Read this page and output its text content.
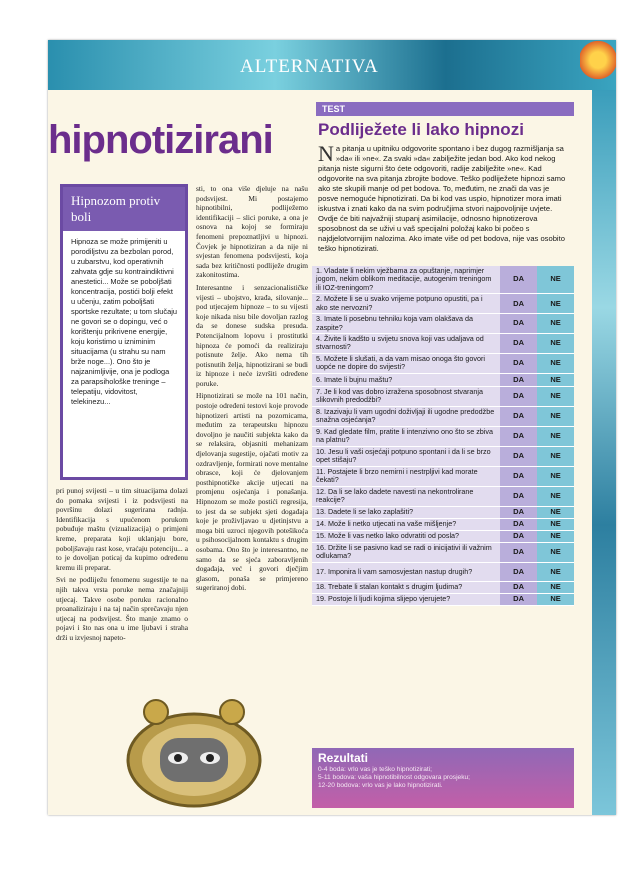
ALTERNATIVA
hipnotizirani
Hipnozom protiv boli
Hipnoza se može primijeniti u porodiljstvu za bezbolan porod, u zubarstvu, kod operativnih zahvata gdje su kontraindiktivni anestetici... Može se poboljšati koncentracija, postići bolji efekt u učenju, zatim poboljšati sportske rezultate; u tom slučaju ne govori se o dopingu, već o korištenju prikrivene energije, koju koristimo u izniminim situacijama (u strahu su nam brže noge...). Ono što je najzanimljivije, ona je podloga za parapsihološke treninge – telepatiju, vidovitost, telekinezu...

sti, to ona više djeluje na našu podsvijest. Mi postajemo hipnotibilni, podliježemo identifikaciji – slici poruke, a ona je osnova na kojoj se formiraju fenomeni prepoznatljivi u hipnozi. Čovjek je hipnotiziran a da nije ni svjestan fenomena podsvijesti, koja sada bez kritičnosti podliježe drugim zakonitostima.

Interesantne i senzacionalističke vijesti – ubojstvo, krađa, silovanje... pod utjecajem hipnoze – to su vijesti koje nikada nisu bile dovoljan razlog da se donese sudska presuda. Potencijalnom lopovu i prostitutki hipnoza će pomoći da realiziraju potisnute želje. Ako nema tih potisnutih želja, hipnotizirani se budi iz hipnoze i neće izvršiti određene poruke.

Hipnotizirati se može na 101 način, postoje određeni testovi koje provode hipnotizeri artisti na pozornicama, međutim za terapeutsku hipnozu dovoljno je naučiti subjekta kako da se relaksira, objasniti mehanizam djelovanja sugestije, ojačati motiv za ozdravljenje, formirati nove mentalne obrasce, koji će djelovanjem posthipnotičke akcije utjecati na promjenu osjećanja i ponašanja. Hipnozom se može postići regresija, to jest da se subjekt sjeti događaja koje je proživljavao u djetinjstvu a moga biti uzroci njegovih potešikoća u psihosocijalnom kontaktu s drugim osobama. Ono što je interesantno, ne samo da se sjeća zaboravljenih događaja, već i govori dječjim glasom, ponaša se primjereno sugeriranoj dobi.

pri punoj svijesti – u tim situacijama dolazi do pomaka svijesti i iz podsvijesti na površinu dolazi sugerirana radnja. Identifikacija s upućenom porukom pobuđuje maštu (vizualizacija) o primjeni kreme, preparata koji uklanjaju bore, poboljšavaju rast kose, vraćaju potenciju... a to je dovoljan poticaj da kupimo određenu kremu ili preparat.

Svi ne podliježu fenomenu sugestije te na njih takva vrsta poruke nema značajniji utjecaj. Takve osobe poruku racionalno proanaliziraju i na taj način sprečavaju njen utjecaj na podsvijest. Što manje znamo o pojavi i što nas ona u ime ljubavi i straha drži u izvjesnoj napeto-

TEST
Podliježete li lako hipnozi
Na pitanja u upitniku odgovorite spontano i bez dugog razmišljanja sa »da« ili »ne«. Za svaki »da« zabilježite jedan bod. Ako kod nekog pitanja niste sigurni što ćete odgovoriti, radije zabilježite »ne«. Kad odgovorite na sva pitanja zbrojite bodove. Teško podliježete hipnozi samo ako ste skupili manje od pet bodova. To, međutim, ne znači da vas je posve nemoguće hipnotizirati. Da bi kod vas uspio, hipnotizer mora imati iskustva i znati kako da na svim područjima stvori najpovoljnije uvjete. Ovdje će biti najvažniji stupanj asimilacije, odnosno hipnotizerova sposobnost da se uživi u vaš specijalni položaj kako bi počeo s najdjelotvornijim nalozima. Ako imate više od pet bodova, nije vas osobito teško hipnotizirati.
1. Vladate li nekim vježbama za opuštanje, naprimjer jogom, nekim oblikom meditacije, autogenim treningom ili IOZ-treningom?	DA	NE
2. Možete li se u svako vrijeme potpuno opustiti, pa i ako ste nervozni?	DA	NE
3. Imate li posebnu tehniku koja vam olakšava da zaspite?	DA	NE
4. Živite li kadšto u svijetu snova koji vas udaljava od stvarnosti?	DA	NE
5. Možete li slušati, a da vam misao onoga što govori uopće ne dopire do svijesti?	DA	NE
6. Imate li bujnu maštu?	DA	NE
7. Je li kod vas dobro izražena sposobnost stvaranja slikovnih predodžbi?	DA	NE
8. Izazivaju li vam ugodni doživljaji ili ugodne predodžbe snažna osjećanja?	DA	NE
9. Kad gledate film, pratite li intenzivno ono što se zbiva na platnu?	DA	NE
10. Jesu li vaši osjećaji potpuno spontani i da li se brzo opet stišaju?	DA	NE
11. Postajete li brzo nemirni i nestrpljivi kad morate čekati?	DA	NE
12. Da li se lako dadete navesti na nekontrolirane reakcije?	DA	NE
13. Dadete li se lako zaplašiti?	DA	NE
14. Može li netko utjecati na vaše mišljenje?	DA	NE
15. Može li vas netko lako odvratiti od posla?	DA	NE
16. Držite li se pasivno kad se radi o inicijativi ili važnim odlukama?	DA	NE
17. Imponira li vam samosvjestan nastup drugih?	DA	NE
18. Trebate li stalan kontakt s drugim ljudima?	DA	NE
19. Postoje li ljudi kojima slijepo vjerujete?	DA	NE
Rezultati
0-4 boda: vrlo vas je teško hipnotizirati;
5-11 bodova: vaša hipnotibilnost odgovara prosjeku;
12-20 bodova: vrlo vas je lako hipnotizirati.
